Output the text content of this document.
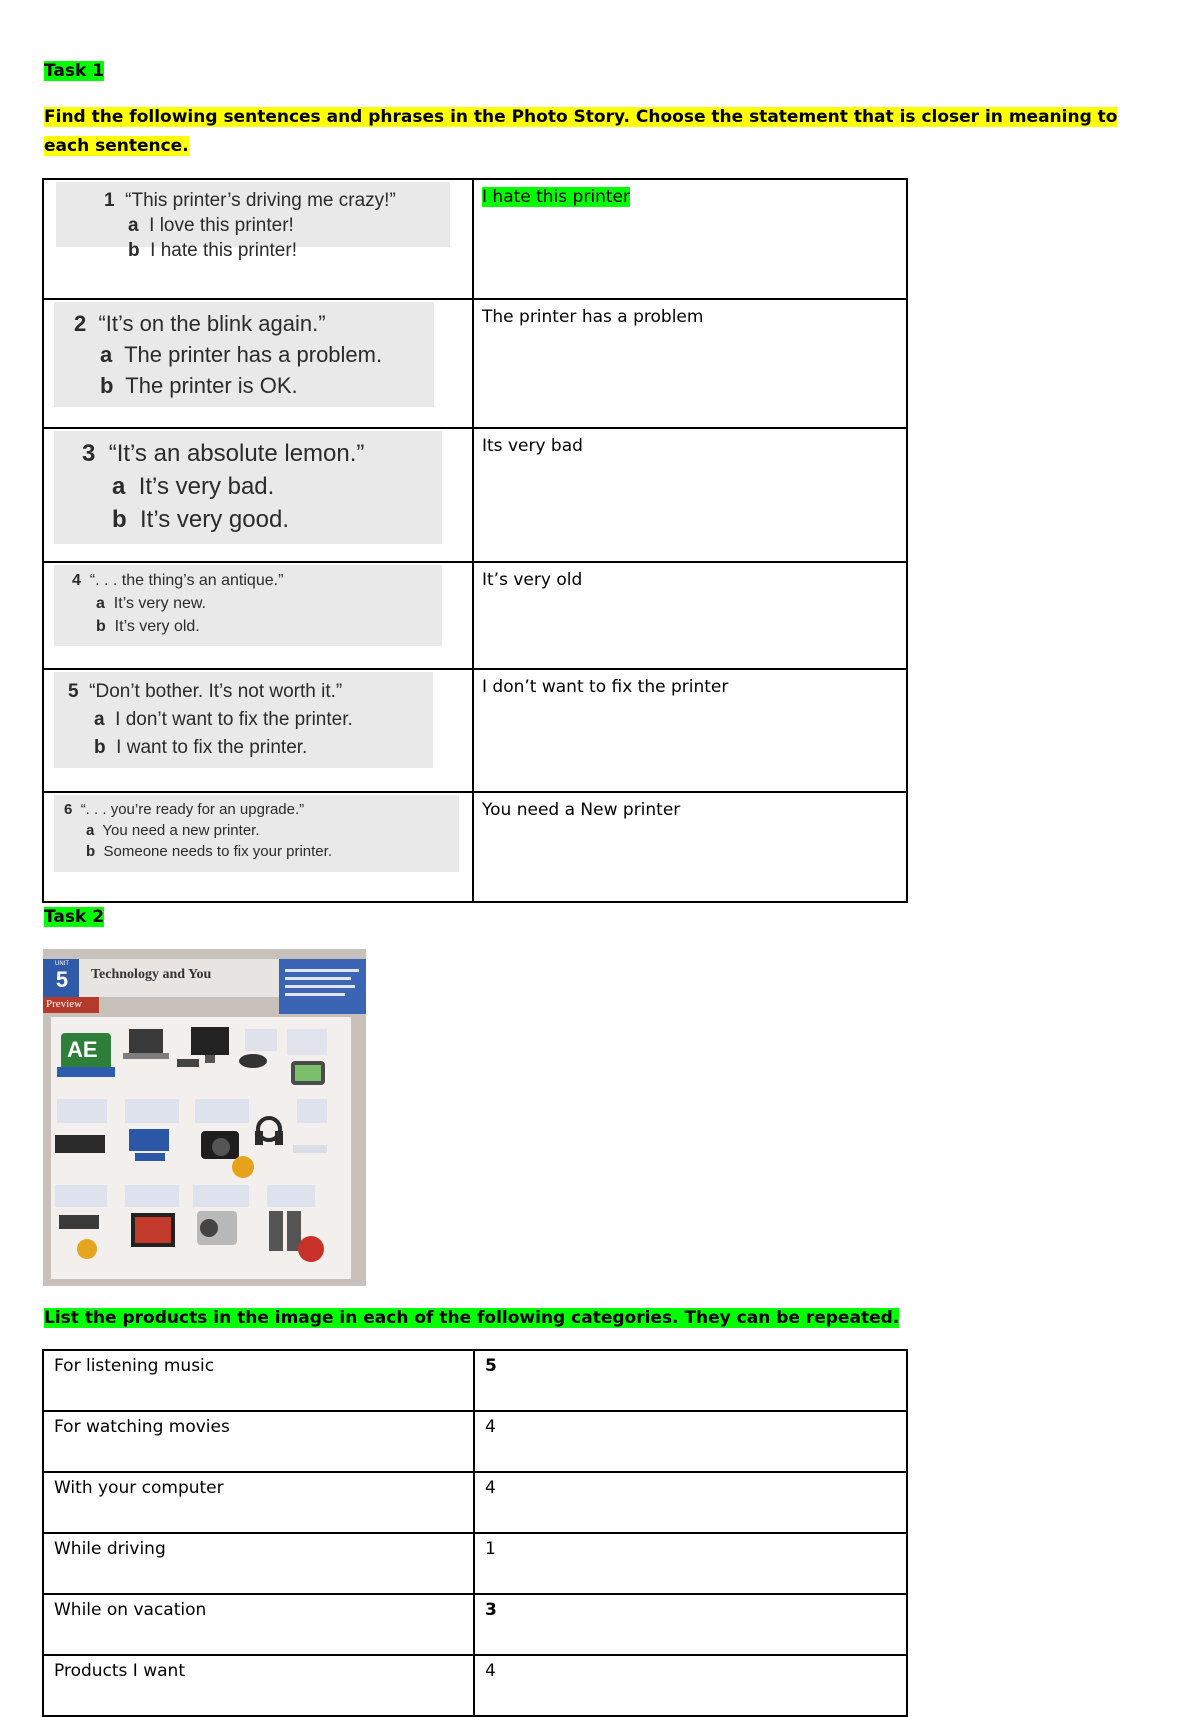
Task 1
Find the following sentences and phrases in the Photo Story. Choose the statement that is closer in meaning to each sentence.
1 “This printer’s driving me crazy!”
a I love this printer!
b I hate this printer!	I hate this printer

2 “It’s on the blink again.”
a The printer has a problem.
b The printer is OK.	The printer has a problem

3 “It’s an absolute lemon.”
a It’s very bad.
b It’s very good.	Its very bad

4 “. . . the thing’s an antique.”
a It’s very new.
b It’s very old.	It’s very old

5 “Don’t bother. It’s not worth it.”
a I don’t want to fix the printer.
b I want to fix the printer.	I don’t want to fix the printer

6 “. . . you’re ready for an upgrade.”
a You need a new printer.
b Someone needs to fix your printer.	You need a New printer
Task 2
UNIT
5	Technology and You
Preview
AE
List the products in the image in each of the following categories. They can be repeated.
For listening music	5
For watching movies	4
With your computer	4
While driving	1
While on vacation	3
Products I want	4
